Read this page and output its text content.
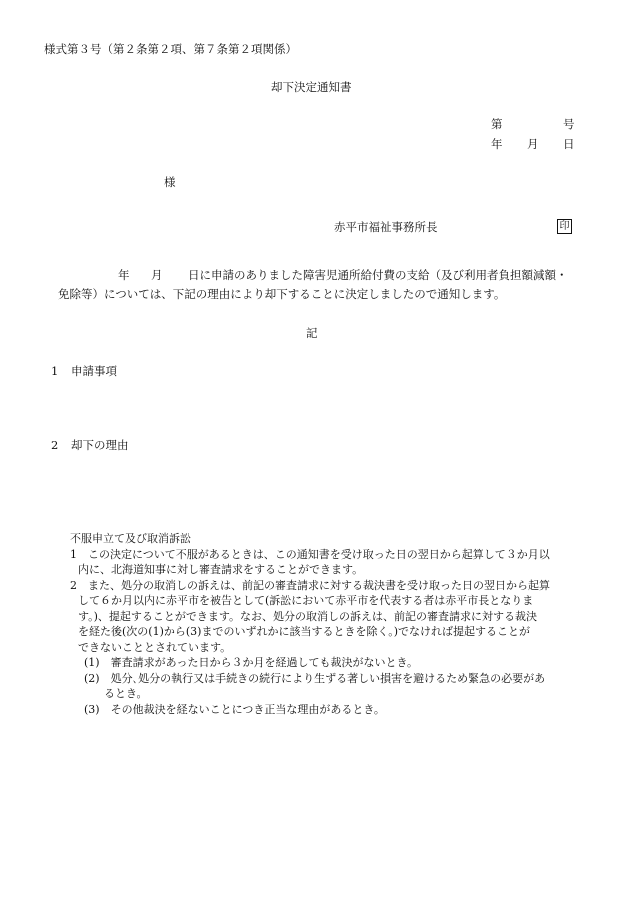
様式第３号（第２条第２項、第７条第２項関係）
却下決定通知書
第	号
年 月 日
様
赤平市福祉事務所長	印
年 月 日に申請のありました障害児通所給付費の支給（及び利用者負担額減額・
免除等）については、下記の理由により却下することに決定しましたので通知します。
記
1 申請事項
2 却下の理由
不服申立て及び取消訴訟
1　この決定について不服があるときは、この通知書を受け取った日の翌日から起算して３か月以
内に、北海道知事に対し審査請求をすることができます。
2　また、処分の取消しの訴えは、前記の審査請求に対する裁決書を受け取った日の翌日から起算
して６か月以内に赤平市を被告として(訴訟において赤平市を代表する者は赤平市長となりま
す。)、提起することができます。なお、処分の取消しの訴えは、前記の審査請求に対する裁決
を経た後(次の(1)から(3)までのいずれかに該当するときを除く。)でなければ提起することが
できないこととされています。
(1)　審査請求があった日から３か月を経過しても裁決がないとき。
(2)　処分､処分の執行又は手続きの続行により生ずる著しい損害を避けるため緊急の必要があ
るとき。
(3)　その他裁決を経ないことにつき正当な理由があるとき。
